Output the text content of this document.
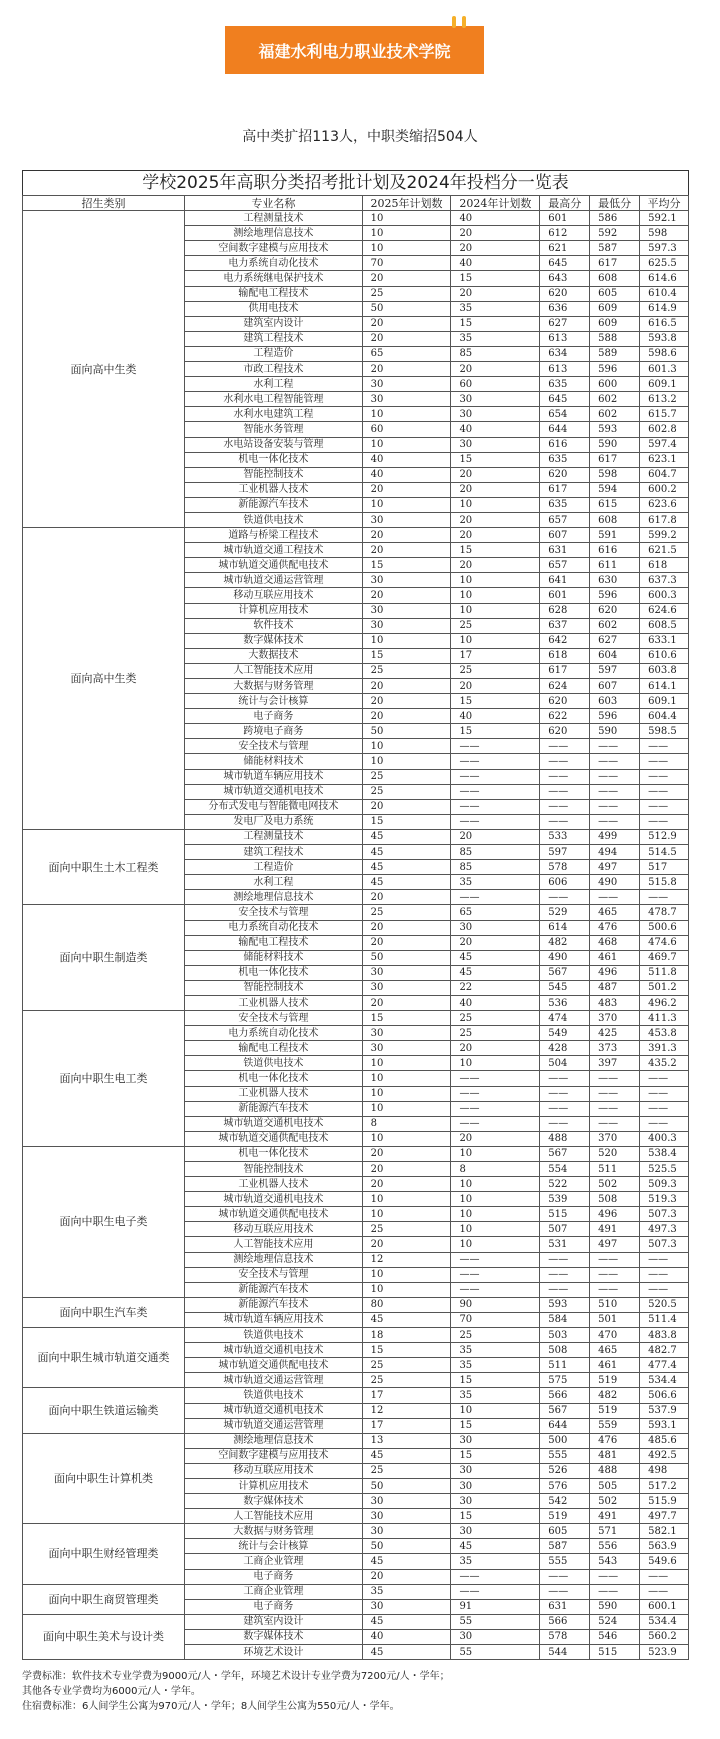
福建水利电力职业技术学院
高中类扩招113人，中职类缩招504人
学校2025年高职分类招考批计划及2024年投档分一览表
招生类别	专业名称	2025年计划数	2024年计划数	最高分	最低分	平均分
面向高中生类	工程测量技术	10	40	601	586	592.1
	测绘地理信息技术	10	20	612	592	598
	空间数字建模与应用技术	10	20	621	587	597.3
	电力系统自动化技术	70	40	645	617	625.5
	电力系统继电保护技术	20	15	643	608	614.6
	输配电工程技术	25	20	620	605	610.4
	供用电技术	50	35	636	609	614.9
	建筑室内设计	20	15	627	609	616.5
	建筑工程技术	20	35	613	588	593.8
	工程造价	65	85	634	589	598.6
	市政工程技术	20	20	613	596	601.3
	水利工程	30	60	635	600	609.1
	水利水电工程智能管理	30	30	645	602	613.2
	水利水电建筑工程	10	30	654	602	615.7
	智能水务管理	60	40	644	593	602.8
	水电站设备安装与管理	10	30	616	590	597.4
	机电一体化技术	40	15	635	617	623.1
	智能控制技术	40	20	620	598	604.7
	工业机器人技术	20	20	617	594	600.2
	新能源汽车技术	10	10	635	615	623.6
	铁道供电技术	30	20	657	608	617.8
面向高中生类	道路与桥梁工程技术	20	20	607	591	599.2
	城市轨道交通工程技术	20	15	631	616	621.5
	城市轨道交通供配电技术	15	20	657	611	618
	城市轨道交通运营管理	30	10	641	630	637.3
	移动互联应用技术	20	10	601	596	600.3
	计算机应用技术	30	10	628	620	624.6
	软件技术	30	25	637	602	608.5
	数字媒体技术	10	10	642	627	633.1
	大数据技术	15	17	618	604	610.6
	人工智能技术应用	25	25	617	597	603.8
	大数据与财务管理	20	20	624	607	614.1
	统计与会计核算	20	15	620	603	609.1
	电子商务	20	40	622	596	604.4
	跨境电子商务	50	15	620	590	598.5
	安全技术与管理	10	——	——	——	——
	储能材料技术	10	——	——	——	——
	城市轨道车辆应用技术	25	——	——	——	——
	城市轨道交通机电技术	25	——	——	——	——
	分布式发电与智能微电网技术	20	——	——	——	——
	发电厂及电力系统	15	——	——	——	——
面向中职生土木工程类	工程测量技术	45	20	533	499	512.9
	建筑工程技术	45	85	597	494	514.5
	工程造价	45	85	578	497	517
	水利工程	45	35	606	490	515.8
	测绘地理信息技术	20	——	——	——	——
面向中职生制造类	安全技术与管理	25	65	529	465	478.7
	电力系统自动化技术	20	30	614	476	500.6
	输配电工程技术	20	20	482	468	474.6
	储能材料技术	50	45	490	461	469.7
	机电一体化技术	30	45	567	496	511.8
	智能控制技术	30	22	545	487	501.2
	工业机器人技术	20	40	536	483	496.2
面向中职生电工类	安全技术与管理	15	25	474	370	411.3
	电力系统自动化技术	30	25	549	425	453.8
	输配电工程技术	30	20	428	373	391.3
	铁道供电技术	10	10	504	397	435.2
	机电一体化技术	10	——	——	——	——
	工业机器人技术	10	——	——	——	——
	新能源汽车技术	10	——	——	——	——
	城市轨道交通机电技术	8	——	——	——	——
	城市轨道交通供配电技术	10	20	488	370	400.3
面向中职生电子类	机电一体化技术	20	10	567	520	538.4
	智能控制技术	20	8	554	511	525.5
	工业机器人技术	20	10	522	502	509.3
	城市轨道交通机电技术	10	10	539	508	519.3
	城市轨道交通供配电技术	10	10	515	496	507.3
	移动互联应用技术	25	10	507	491	497.3
	人工智能技术应用	20	10	531	497	507.3
	测绘地理信息技术	12	——	——	——	——
	安全技术与管理	10	——	——	——	——
	新能源汽车技术	10	——	——	——	——
面向中职生汽车类	新能源汽车技术	80	90	593	510	520.5
	城市轨道车辆应用技术	45	70	584	501	511.4
面向中职生城市轨道交通类	铁道供电技术	18	25	503	470	483.8
	城市轨道交通机电技术	15	35	508	465	482.7
	城市轨道交通供配电技术	25	35	511	461	477.4
	城市轨道交通运营管理	25	15	575	519	534.4
面向中职生铁道运输类	铁道供电技术	17	35	566	482	506.6
	城市轨道交通机电技术	12	10	567	519	537.9
	城市轨道交通运营管理	17	15	644	559	593.1
面向中职生计算机类	测绘地理信息技术	13	30	500	476	485.6
	空间数字建模与应用技术	45	15	555	481	492.5
	移动互联应用技术	25	30	526	488	498
	计算机应用技术	50	30	576	505	517.2
	数字媒体技术	30	30	542	502	515.9
	人工智能技术应用	30	15	519	491	497.7
面向中职生财经管理类	大数据与财务管理	30	30	605	571	582.1
	统计与会计核算	50	45	587	556	563.9
	工商企业管理	45	35	555	543	549.6
	电子商务	20	——	——	——	——
面向中职生商贸管理类	工商企业管理	35	——	——	——	——
	电子商务	30	91	631	590	600.1
面向中职生美术与设计类	建筑室内设计	45	55	566	524	534.4
	数字媒体技术	40	30	578	546	560.2
	环境艺术设计	45	55	544	515	523.9
学费标准：软件技术专业学费为9000元/人・学年，环境艺术设计专业学费为7200元/人・学年；
其他各专业学费均为6000元/人・学年。
住宿费标准：6人间学生公寓为970元/人・学年；8人间学生公寓为550元/人・学年。
